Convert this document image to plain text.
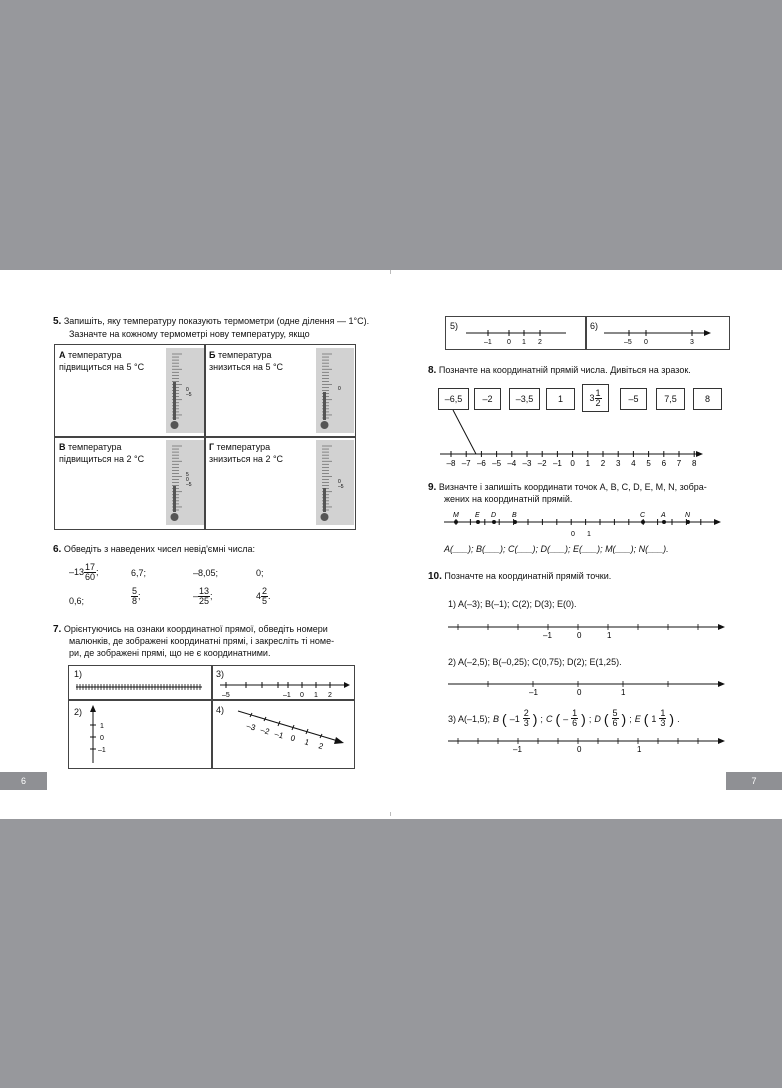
5. Запишіть, яку температуру показують термометри (одне ділення — 1°С).
Зазначте на кожному термометрі нову температуру, якщо
А температура
підвищиться на 5 °С
Б температура
знизиться на 5 °С
В температура
підвищиться на 2 °С
Г температура
знизиться на 2 °С
0
–5
0
5
0
–5	0
–5
6. Обведіть з наведених чисел невід'ємні числа:
$-13 \frac{17}{60}$ ;	6,7;	–8,05;	0;
0,6;	$\frac{5}{8}$ ;	– $\frac{13}{25}$ ;	$4 \frac{2}{5}$ .
7. Орієнтуючись на ознаки координатної прямої, обведіть номери
малюнків, де зображені координатні прямі, і закресліть ті номе-
ри, де зображені прямі, що не є координатними.
1)	3)
2)	4)
–5	–1 0 1 2
1
0
–1
–3 –2 –1 0 1 2
6
5)	6)
–1 0 1 2	–5 0	3
8. Позначте на координатній прямій числа. Дивіться на зразок.
–6,5	–2	–3,5	1	$3 \frac{1}{2}$	–5	7,5	8
–8 –7 –6 –5 –4 –3 –2 –1 0 1 2 3 4 5 6 7 8
9. Визначте і запишіть координати точок A, B, C, D, E, M, N, зобра-
жених на координатній прямій.
M E D B	C A	N
0 1
A(___); B(___); C(___); D(___); E(___); M(___); N(___).
10. Позначте на координатній прямій точки.
1) A(–3); B(–1); C(2); D(3); E(0).
–1	0	1
2) A(–2,5); B(–0,25); C(0,75); D(2); E(1,25).
–1	0	1
3) A(–1,5); B ( $-1 \frac{2}{3}$ ) ; C ( – $\frac{1}{6}$ ) ; D ( $\frac{5}{6}$ ) ; E ( $1 \frac{1}{3}$ ) .
–1	0	1
7
